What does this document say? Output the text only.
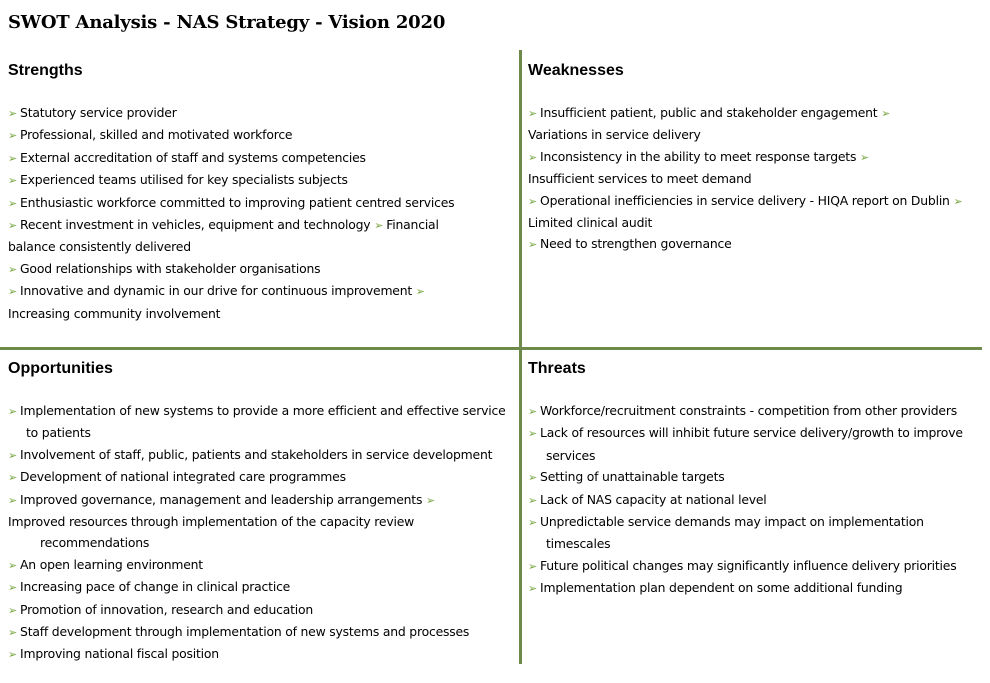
SWOT Analysis - NAS Strategy - Vision 2020
Strengths
➢ Statutory service provider
➢ Professional, skilled and motivated workforce
➢ External accreditation of staff and systems competencies
➢ Experienced teams utilised for key specialists subjects
➢ Enthusiastic workforce committed to improving patient centred services
➢ Recent investment in vehicles, equipment and technology ➢ Financial
balance consistently delivered
➢ Good relationships with stakeholder organisations
➢ Innovative and dynamic in our drive for continuous improvement ➢
Increasing community involvement
Weaknesses
➢ Insufficient patient, public and stakeholder engagement ➢
Variations in service delivery
➢ Inconsistency in the ability to meet response targets ➢
Insufficient services to meet demand
➢ Operational inefficiencies in service delivery - HIQA report on Dublin ➢
Limited clinical audit
➢ Need to strengthen governance
Opportunities
➢ Implementation of new systems to provide a more efficient and effective service
to patients
➢ Involvement of staff, public, patients and stakeholders in service development
➢ Development of national integrated care programmes
➢ Improved governance, management and leadership arrangements ➢
Improved resources through implementation of the capacity review
recommendations
➢ An open learning environment
➢ Increasing pace of change in clinical practice
➢ Promotion of innovation, research and education
➢ Staff development through implementation of new systems and processes
➢ Improving national fiscal position
Threats
➢ Workforce/recruitment constraints - competition from other providers
➢ Lack of resources will inhibit future service delivery/growth to improve
services
➢ Setting of unattainable targets
➢ Lack of NAS capacity at national level
➢ Unpredictable service demands may impact on implementation
timescales
➢ Future political changes may significantly influence delivery priorities
➢ Implementation plan dependent on some additional funding
